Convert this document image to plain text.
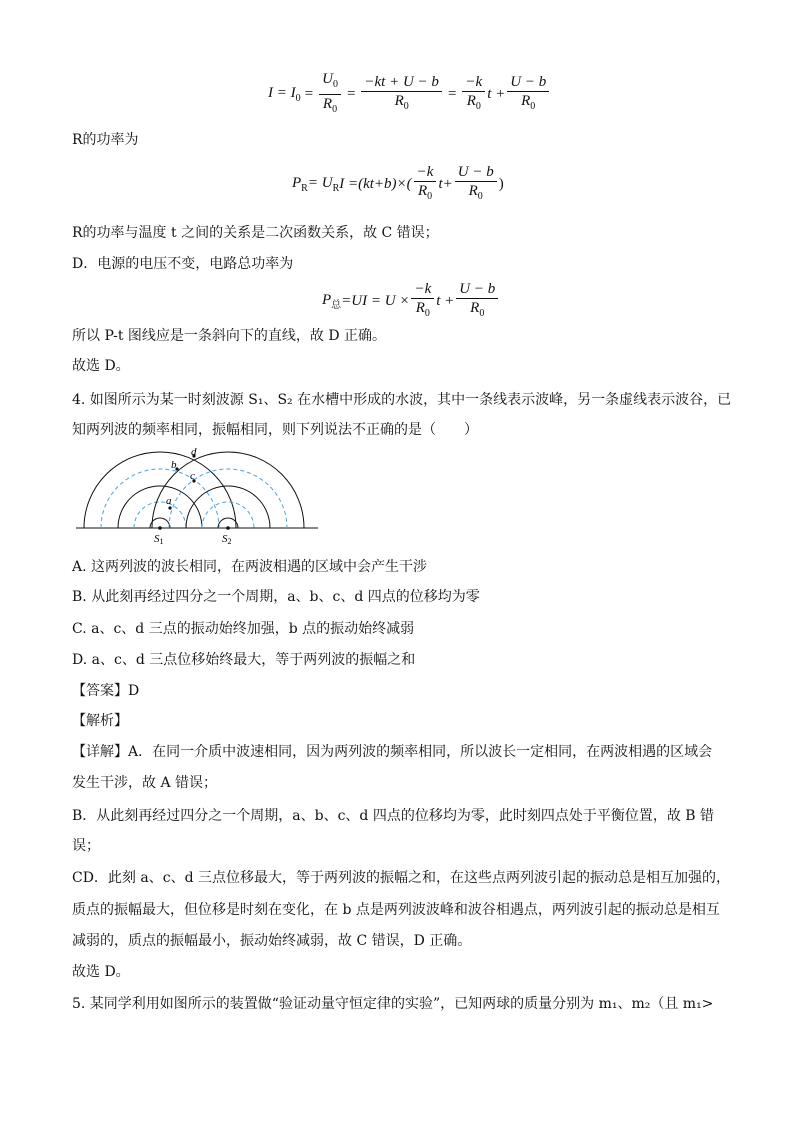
$I = I_0 = \frac{U_0}{R_0} = \frac{-kt + U - b}{R_0} = \frac{-k}{R_0}$ $t + \frac{U - b}{R_0}$
R的功率为
$P_R = U_R$ $I =(kt+b)\times( \frac{-k}{R_0} t+ \frac{U - b}{R_0}$ )
R的功率与温度 t 之间的关系是二次函数关系，故 C 错误；
D．电源的电压不变，电路总功率为
$P_总 =UI = U \times \frac{-k}{R_0}$ $t + \frac{U - b}{R_0}$
所以 P-t 图线应是一条斜向下的直线，故 D 正确。
故选 D。
4. 如图所示为某一时刻波源 S₁、S₂ 在水槽中形成的水波，其中一条线表示波峰，另一条虚线表示波谷，已
知两列波的频率相同，振幅相同，则下列说法不正确的是（　　）
d
b
c
a
S1	S2
A. 这两列波的波长相同，在两波相遇的区域中会产生干涉
B. 从此刻再经过四分之一个周期，a、b、c、d 四点的位移均为零
C. a、c、d 三点的振动始终加强，b 点的振动始终减弱
D. a、c、d 三点位移始终最大，等于两列波的振幅之和
【答案】D
【解析】
【详解】A．在同一介质中波速相同，因为两列波的频率相同，所以波长一定相同，在两波相遇的区域会
发生干涉，故 A 错误；
B．从此刻再经过四分之一个周期，a、b、c、d 四点的位移均为零，此时刻四点处于平衡位置，故 B 错
误；
CD．此刻 a、c、d 三点位移最大，等于两列波的振幅之和，在这些点两列波引起的振动总是相互加强的，
质点的振幅最大，但位移是时刻在变化，在 b 点是两列波波峰和波谷相遇点，两列波引起的振动总是相互
减弱的，质点的振幅最小，振动始终减弱，故 C 错误，D 正确。
故选 D。
5. 某同学利用如图所示的装置做“验证动量守恒定律的实验”，已知两球的质量分别为 m₁、m₂（且 m₁>
